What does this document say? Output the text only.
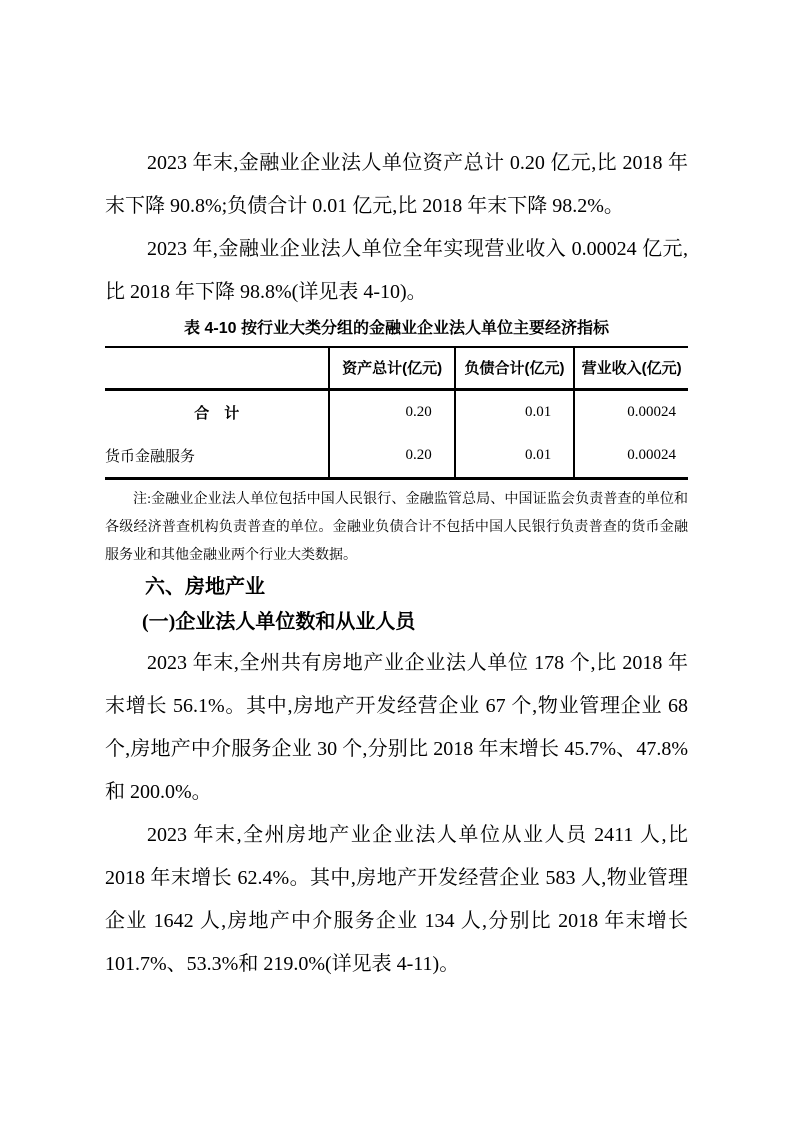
2023 年末,金融业企业法人单位资产总计 0.20 亿元,比 2018 年末下降 90.8%;负债合计 0.01 亿元,比 2018 年末下降 98.2%。

2023 年,金融业企业法人单位全年实现营业收入 0.00024 亿元,比 2018 年下降 98.8%(详见表 4-10)。

表 4-10 按行业大类分组的金融业企业法人单位主要经济指标
	资产总计(亿元)	负债合计(亿元)	营业收入(亿元)
合　计	0.20	0.01	0.00024
货币金融服务	0.20	0.01	0.00024

注:金融业企业法人单位包括中国人民银行、金融监管总局、中国证监会负责普查的单位和各级经济普查机构负责普查的单位。金融业负债合计不包括中国人民银行负责普查的货币金融服务业和其他金融业两个行业大类数据。

六、房地产业
(一)企业法人单位数和从业人员

2023 年末,全州共有房地产业企业法人单位 178 个,比 2018 年末增长 56.1%。其中,房地产开发经营企业 67 个,物业管理企业 68 个,房地产中介服务企业 30 个,分别比 2018 年末增长 45.7%、47.8%和 200.0%。

2023 年末,全州房地产业企业法人单位从业人员 2411 人,比 2018 年末增长 62.4%。其中,房地产开发经营企业 583 人,物业管理企业 1642 人,房地产中介服务企业 134 人,分别比 2018 年末增长 101.7%、53.3%和 219.0%(详见表 4-11)。
